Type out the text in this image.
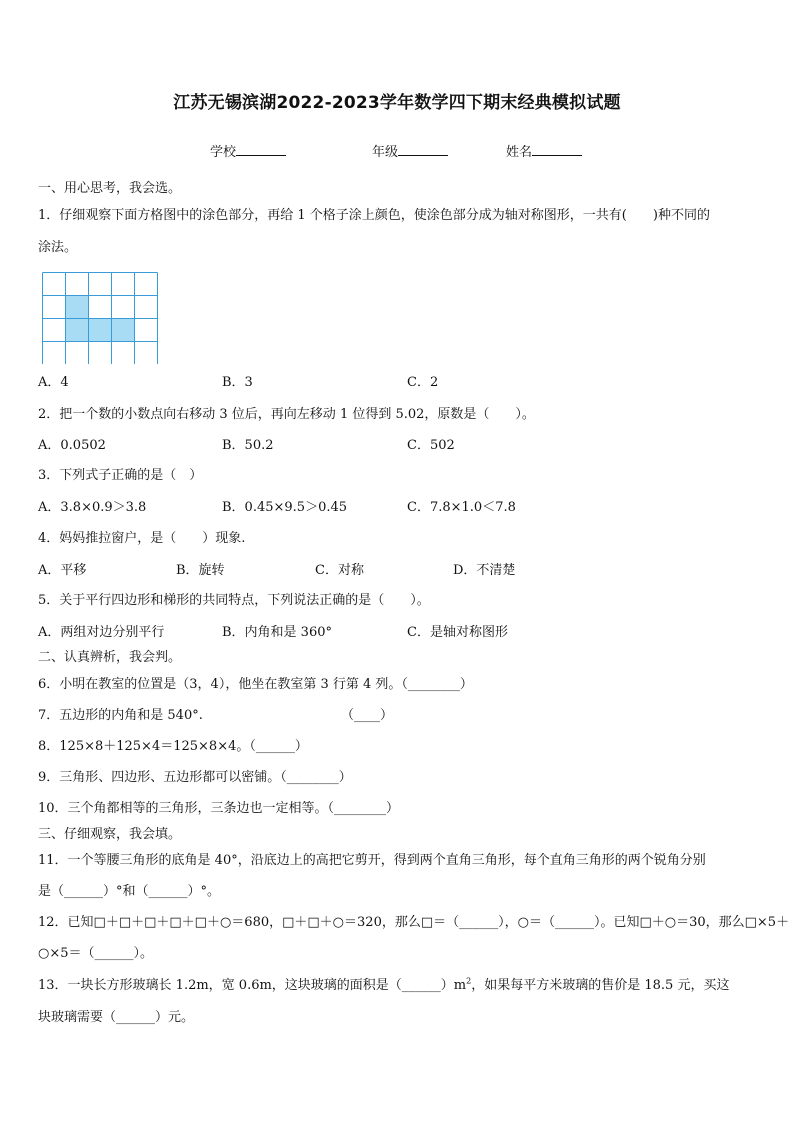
江苏无锡滨湖2022-2023学年数学四下期末经典模拟试题
学校	年级	姓名
一、用心思考，我会选。
1．仔细观察下面方格图中的涂色部分，再给 1 个格子涂上颜色，使涂色部分成为轴对称图形，一共有(　　)种不同的
涂法。
A．4	B．3	C．2
2．把一个数的小数点向右移动 3 位后，再向左移动 1 位得到 5.02，原数是（　　）。
A．0.0502	B．50.2	C．502
3．下列式子正确的是（　）
A．3.8×0.9＞3.8	B．0.45×9.5＞0.45	C．7.8×1.0＜7.8
4．妈妈推拉窗户，是（　　）现象.
A．平移	B．旋转	C．对称	D．不清楚
5．关于平行四边形和梯形的共同特点，下列说法正确的是（　　）。
A．两组对边分别平行	B．内角和是 360°	C．是轴对称图形
二、认真辨析，我会判。
6．小明在教室的位置是（3，4），他坐在教室第 3 行第 4 列。（________）
7．五边形的内角和是 540°.	（____）
8．125×8＋125×4＝125×8×4。（______）
9．三角形、四边形、五边形都可以密铺。（________）
10．三个角都相等的三角形，三条边也一定相等。（________）
三、仔细观察，我会填。
11．一个等腰三角形的底角是 40°，沿底边上的高把它剪开，得到两个直角三角形，每个直角三角形的两个锐角分别
是（______）°和（______）°。
12．已知□＋□＋□＋□＋□＋○＝680，□＋□＋○＝320，那么□＝（______），○＝（______）。已知□＋○＝30，那么□×5＋
○×5＝（______）。
13．一块长方形玻璃长 1.2m，宽 0.6m，这块玻璃的面积是$(\_\_\_\_\_\_)m^2$，如果每平方米玻璃的售价是 18.5 元，买这
块玻璃需要（______）元。
